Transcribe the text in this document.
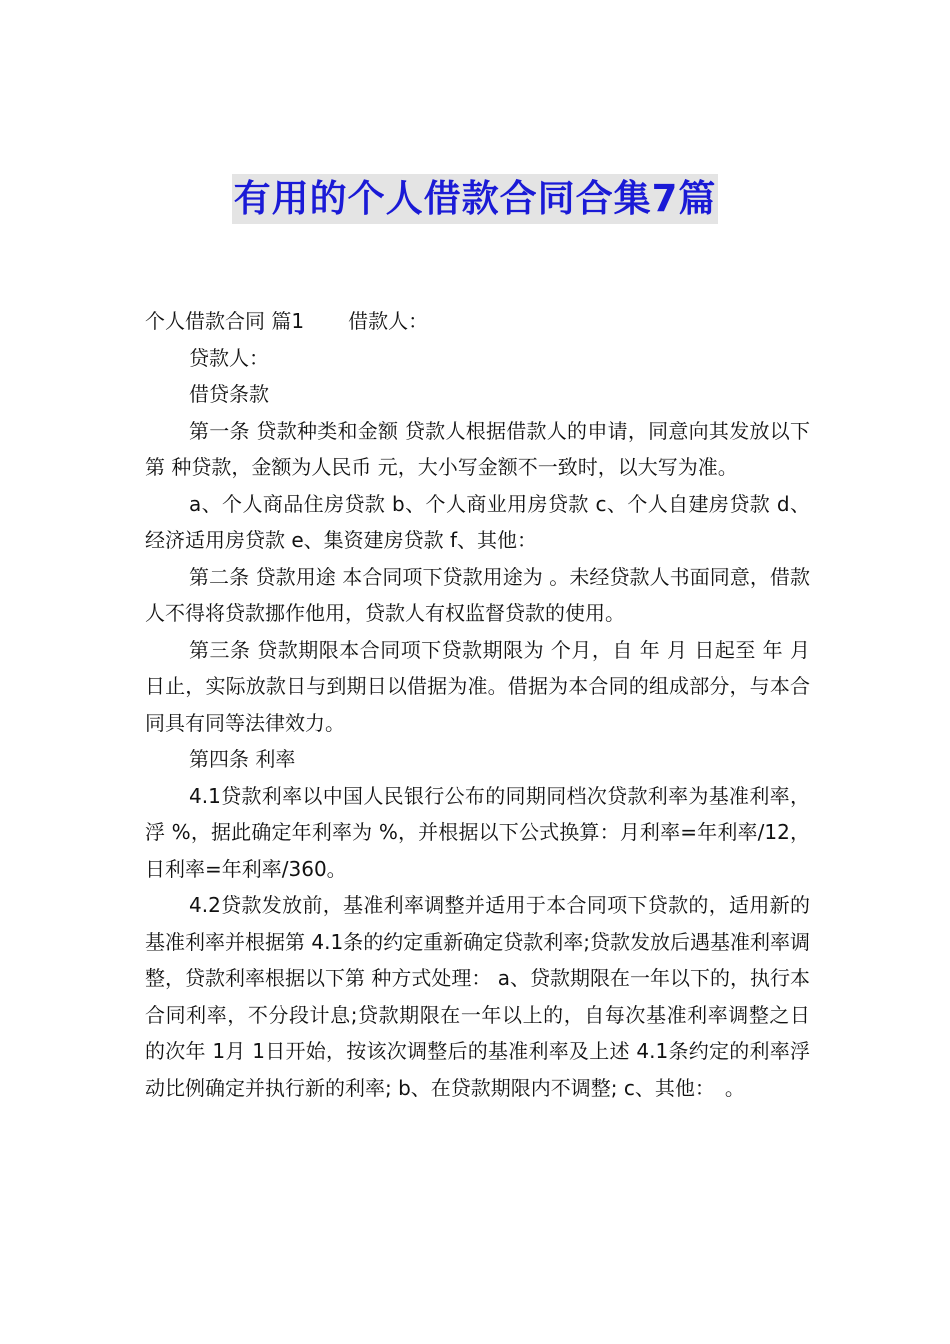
有用的个人借款合同合集7篇

个人借款合同 篇1 借款人：

贷款人：

借贷条款

第一条 贷款种类和金额 贷款人根据借款人的申请，同意向其发放以下第 种贷款，金额为人民币 元，大小写金额不一致时，以大写为准。

a、个人商品住房贷款 b、个人商业用房贷款 c、个人自建房贷款 d、经济适用房贷款 e、集资建房贷款 f、其他：

第二条 贷款用途 本合同项下贷款用途为 。未经贷款人书面同意，借款人不得将贷款挪作他用，贷款人有权监督贷款的使用。

第三条 贷款期限本合同项下贷款期限为 个月，自 年 月 日起至 年 月 日止，实际放款日与到期日以借据为准。借据为本合同的组成部分，与本合同具有同等法律效力。

第四条 利率

4.1贷款利率以中国人民银行公布的同期同档次贷款利率为基准利率， 浮 %，据此确定年利率为 %，并根据以下公式换算：月利率=年利率/12，日利率=年利率/360。

4.2贷款发放前，基准利率调整并适用于本合同项下贷款的，适用新的基准利率并根据第 4.1条的约定重新确定贷款利率;贷款发放后遇基准利率调整，贷款利率根据以下第 种方式处理： a、贷款期限在一年以下的，执行本合同利率，不分段计息;贷款期限在一年以上的，自每次基准利率调整之日的次年 1月 1日开始，按该次调整后的基准利率及上述 4.1条约定的利率浮动比例确定并执行新的利率; b、在贷款期限内不调整; c、其他：　。
